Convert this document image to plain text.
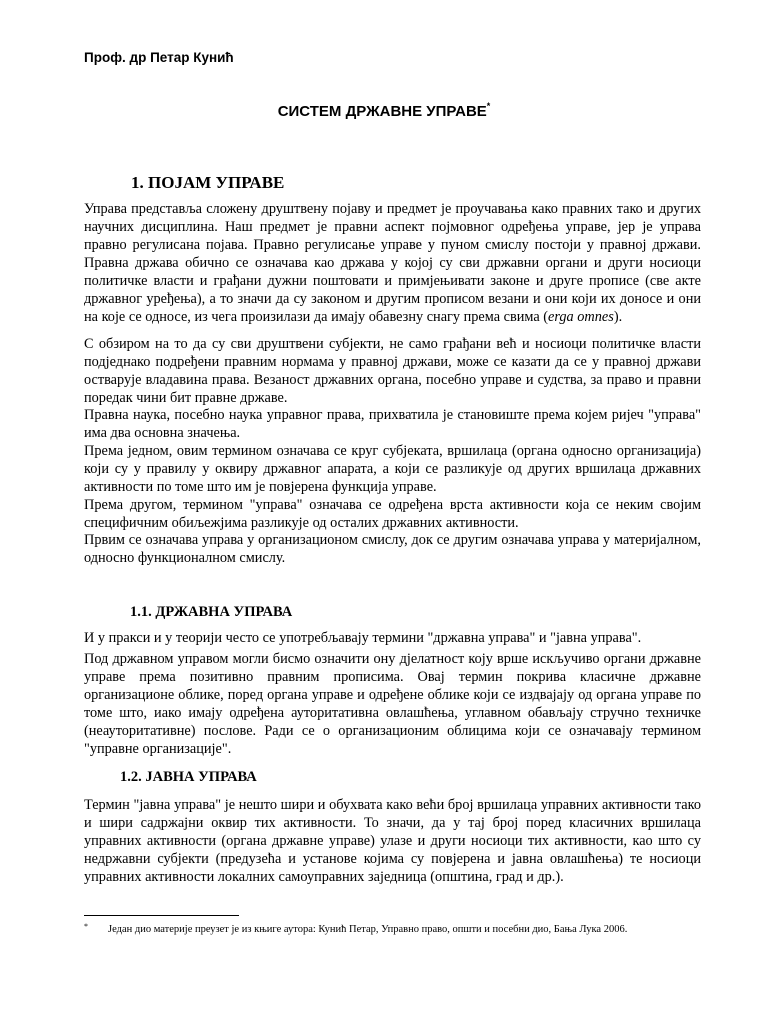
Проф. др Петар Кунић
СИСТЕМ ДРЖАВНЕ УПРАВЕ*
1. ПОЈАМ УПРАВЕ

Управа представља сложену друштвену појаву и предмет је проучавања како правних тако и других научних дисциплина. Наш предмет је правни аспект појмовног одређења управе, јер је управа правно регулисана појава. Правно регулисање управе у пуном смислу постоји у правној држави. Правна држава обично се означава као држава у којој су сви државни органи и други носиоци политичке власти и грађани дужни поштовати и примјењивати законе и друге прописе (све акте државног уређења), а то значи да су законом и другим прописом везани и они који их доносе и они на које се односе, из чега произилази да имају обавезну снагу према свима (erga omnes).

С обзиром на то да су сви друштвени субјекти, не само грађани већ и носиоци политичке власти подједнако подређени правним нормама у правној држави, може се казати да се у правној држави остварује владавина права. Везаност државних органа, посебно управе и судства, за право и правни поредак чини бит правне државе.

Правна наука, посебно наука управног права, прихватила је становиште према којем ријеч "управа" има два основна значења.

Према једном, овим термином означава се круг субјеката, вршилаца (органа односно организација) који су у правилу у оквиру државног апарата, а који се разликује од других вршилаца државних активности по томе што им је повјерена функција управе.

Према другом, термином "управа" означава се одређена врста активности која се неким својим специфичним обиљежјима разликује од осталих државних активности.

Првим се означава управа у организационом смислу, док се другим означава управа у материјалном, односно функционалном смислу.

1.1. ДРЖАВНА УПРАВА

И у пракси и у теорији често се употребљавају термини "државна управа" и "јавна управа".

Под државном управом могли бисмо означити ону дјелатност коју врше искључиво органи државне управе према позитивно правним прописима. Овај термин покрива класичне државне организационе облике, поред органа управе и одређене облике који се издвајају од органа управе по томе што, иако имају одређена ауторитативна овлашћења, углавном обављају стручно техничке (неауторитативне) послове. Ради се о организационим облицима који се означавају термином "управне организације".

1.2. ЈАВНА УПРАВА

Термин "јавна управа" је нешто шири и обухвата како већи број вршилаца управних активности тако и шири садржајни оквир тих активности. То значи, да у тај број поред класичних вршилаца управних активности (органа државне управе) улазе и други носиоци тих активности, као што су недржавни субјекти (предузећа и установе којима су повјерена и јавна овлашћења) те носиоци управних активности локалних самоуправних заједница (општина, град и др.).

* Један дио материје преузет је из књиге аутора: Кунић Петар, Управно право, општи и посебни дио, Бања Лука 2006.
